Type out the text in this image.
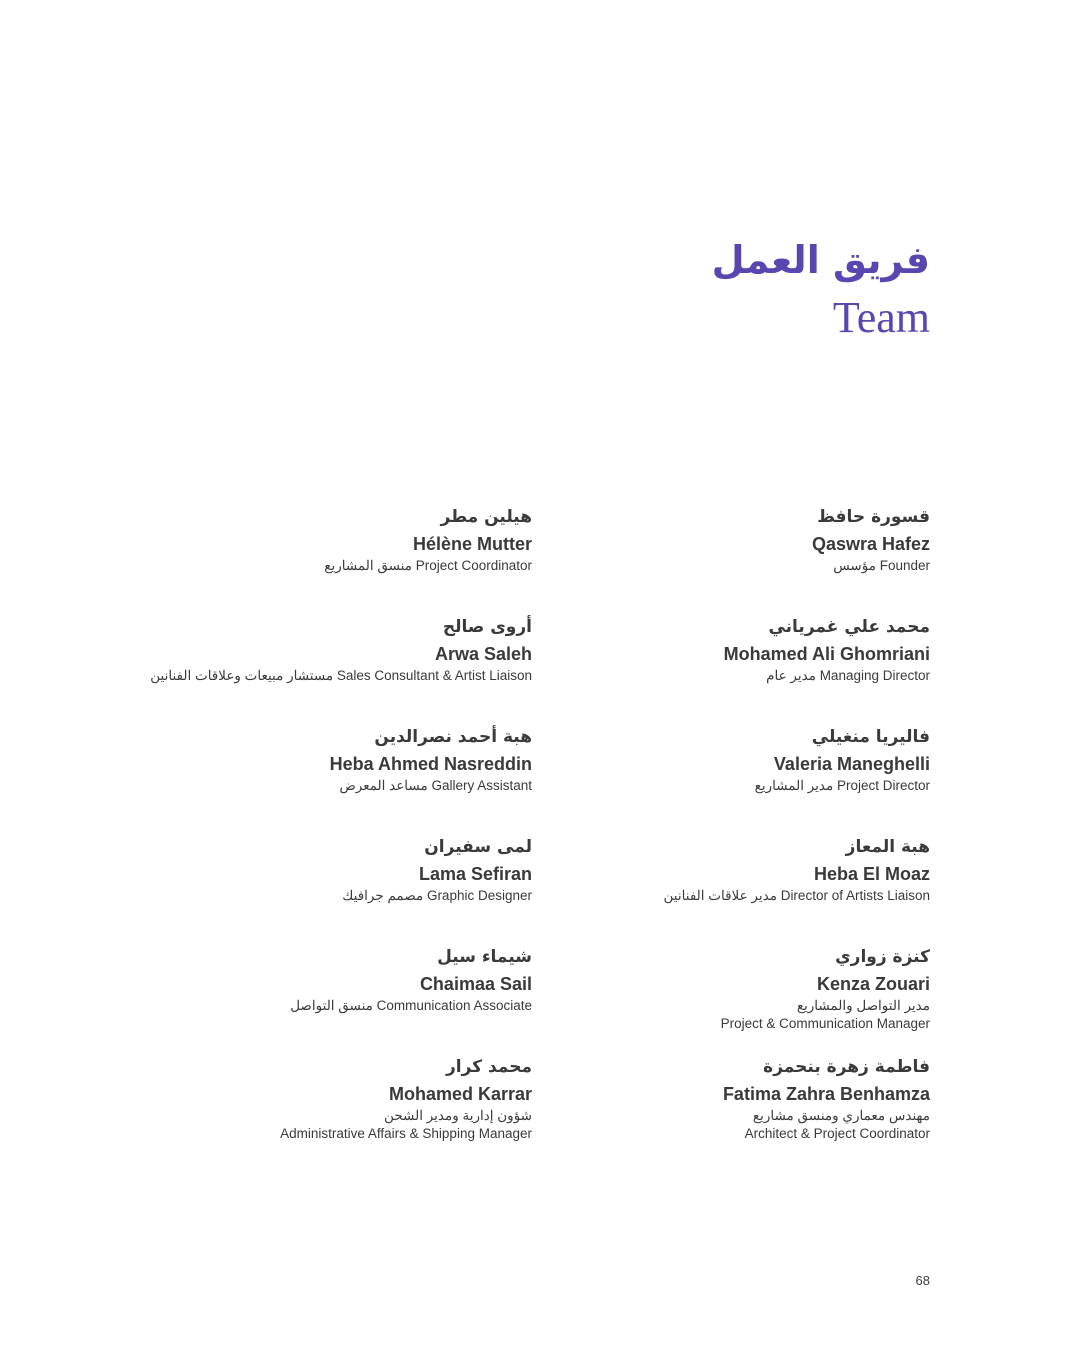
فريق العمل
Team
قسورة حافظ
Qaswra Hafez
مؤسس Founder
محمد علي غمرياني
Mohamed Ali Ghomriani
مدير عام Managing Director
فاليريا منغيلي
Valeria Maneghelli
مدير المشاريع Project Director
هبة المعاز
Heba El Moaz
مدير علاقات الفنانين Director of Artists Liaison
كنزة زواري
Kenza Zouari
مدير التواصل والمشاريع
Project & Communication Manager
فاطمة زهرة بنحمزة
Fatima Zahra Benhamza
مهندس معماري ومنسق مشاريع
Architect & Project Coordinator
هيلين مطر
Hélène Mutter
منسق المشاريع Project Coordinator
أروى صالح
Arwa Saleh
مستشار مبيعات وعلاقات الفنانين Sales Consultant & Artist Liaison
هبة أحمد نصرالدين
Heba Ahmed Nasreddin
مساعد المعرض Gallery Assistant
لمى سفيران
Lama Sefiran
مصمم جرافيك Graphic Designer
شيماء سيل
Chaimaa Sail
منسق التواصل Communication Associate
محمد كرار
Mohamed Karrar
شؤون إدارية ومدير الشحن
Administrative Affairs & Shipping Manager
68
